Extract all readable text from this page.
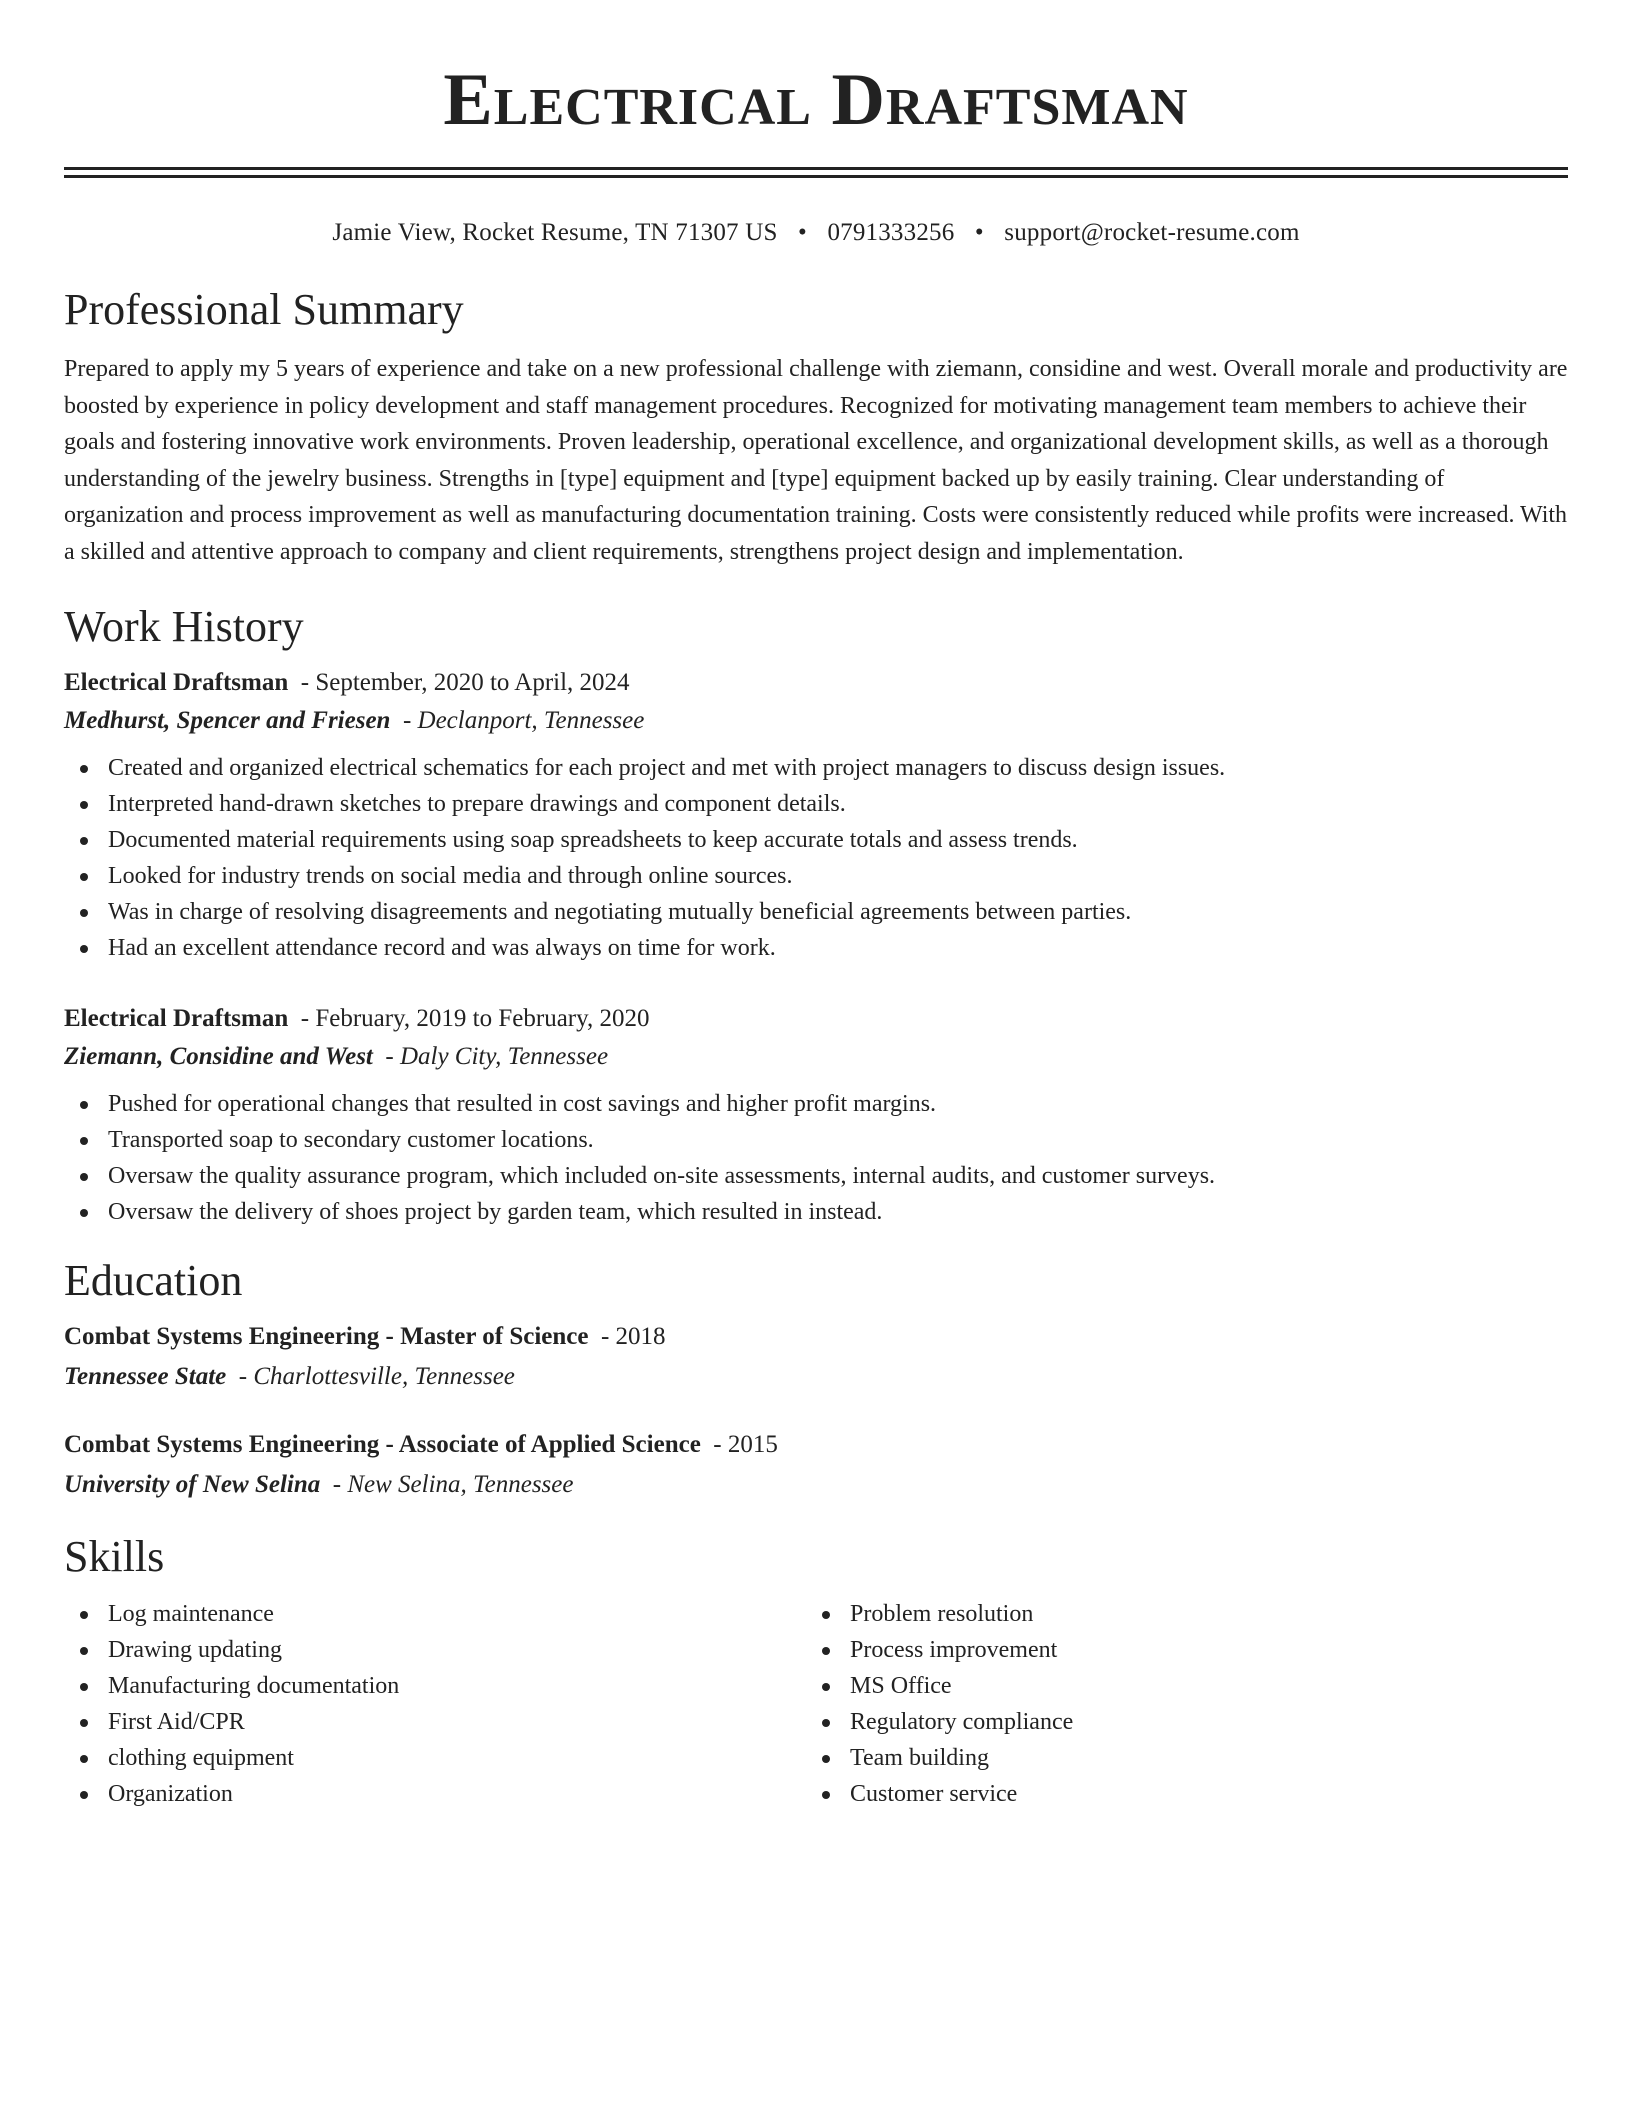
Electrical Draftsman
Jamie View, Rocket Resume, TN 71307 US • 0791333256 • support@rocket-resume.com
Professional Summary

Prepared to apply my 5 years of experience and take on a new professional challenge with ziemann, considine and west. Overall morale and productivity are boosted by experience in policy development and staff management procedures. Recognized for motivating management team members to achieve their goals and fostering innovative work environments. Proven leadership, operational excellence, and organizational development skills, as well as a thorough understanding of the jewelry business. Strengths in [type] equipment and [type] equipment backed up by easily training. Clear understanding of organization and process improvement as well as manufacturing documentation training. Costs were consistently reduced while profits were increased. With a skilled and attentive approach to company and client requirements, strengthens project design and implementation.

Work History
Electrical Draftsman  - September, 2020 to April, 2024
Medhurst, Spencer and Friesen  - Declanport, Tennessee
Created and organized electrical schematics for each project and met with project managers to discuss design issues.
Interpreted hand-drawn sketches to prepare drawings and component details.
Documented material requirements using soap spreadsheets to keep accurate totals and assess trends.
Looked for industry trends on social media and through online sources.
Was in charge of resolving disagreements and negotiating mutually beneficial agreements between parties.
Had an excellent attendance record and was always on time for work.
Electrical Draftsman  - February, 2019 to February, 2020
Ziemann, Considine and West  - Daly City, Tennessee
Pushed for operational changes that resulted in cost savings and higher profit margins.
Transported soap to secondary customer locations.
Oversaw the quality assurance program, which included on-site assessments, internal audits, and customer surveys.
Oversaw the delivery of shoes project by garden team, which resulted in instead.
Education
Combat Systems Engineering - Master of Science  - 2018
Tennessee State  - Charlottesville, Tennessee
Combat Systems Engineering - Associate of Applied Science  - 2015
University of New Selina  - New Selina, Tennessee
Skills
Log maintenance
Drawing updating
Manufacturing documentation
First Aid/CPR
clothing equipment
Organization
Problem resolution
Process improvement
MS Office
Regulatory compliance
Team building
Customer service
